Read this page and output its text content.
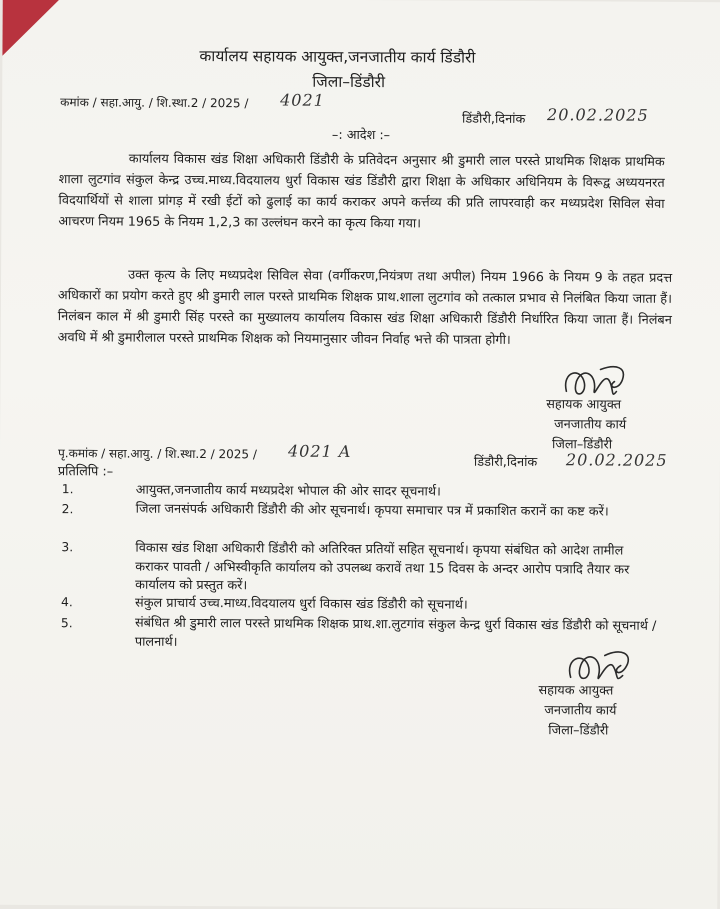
कार्यालय सहायक आयुक्त,जनजातीय कार्य डिंडौरी
जिला–डिंडौरी
कमांक / सहा.आयु. / शि.स्था.2 / 2025 / 4021
डिंडौरी,दिनांक 20.02.2025
–: आदेश :–
कार्यालय विकास खंड शिक्षा अधिकारी डिंडौरी के प्रतिवेदन अनुसार श्री डुमारी लाल परस्ते प्राथमिक शिक्षक प्राथमिक शाला लुटगांव संकुल केन्द्र उच्च.माध्य.विदयालय धुर्रा विकास खंड डिंडौरी द्वारा शिक्षा के अधिकार अधिनियम के विरूद्व अध्ययनरत विदयार्थियों से शाला प्रांगड़ में रखी ईटों को ढुलाई का कार्य कराकर अपने कर्त्तव्य की प्रति लापरवाही कर मध्यप्रदेश सिविल सेवा आचरण नियम 1965 के नियम 1,2,3 का उल्लंघन करने का कृत्य किया गया।
उक्त कृत्य के लिए मध्यप्रदेश सिविल सेवा (वर्गीकरण,नियंत्रण तथा अपील) नियम 1966 के नियम 9 के तहत प्रदत्त अधिकारों का प्रयोग करते हुए श्री डुमारी लाल परस्ते प्राथमिक शिक्षक प्राथ.शाला लुटगांव को तत्काल प्रभाव से निलंबित किया जाता हैं। निलंबन काल में श्री डुमारी सिंह परस्ते का मुख्यालय कार्यालय विकास खंड शिक्षा अधिकारी डिंडौरी निर्धारित किया जाता हैं। निलंबन अवधि में श्री डुमारीलाल परस्ते प्राथमिक शिक्षक को नियमानुसार जीवन निर्वाह भत्ते की पात्रता होगी।
सहायक आयुक्त
जनजातीय कार्य
जिला–डिंडौरी
पृ.कमांक / सहा.आयु. / शि.स्था.2 / 2025 / 4021 A
डिंडौरी,दिनांक 20.02.2025
प्रतिलिपि :–
1.	आयुक्त,जनजातीय कार्य मध्यप्रदेश भोपाल की ओर सादर सूचनार्थ।
2.	जिला जनसंपर्क अधिकारी डिंडौरी की ओर सूचनार्थ। कृपया समाचार पत्र में प्रकाशित करानें का कष्ट करें।
3.	विकास खंड शिक्षा अधिकारी डिंडौरी को अतिरिक्त प्रतियों सहित सूचनार्थ। कृपया संबंधित को आदेश तामील कराकर पावती / अभिस्वीकृति कार्यालय को उपलब्ध करावें तथा 15 दिवस के अन्दर आरोप पत्रादि तैयार कर कार्यालय को प्रस्तुत करें।
4.	संकुल प्राचार्य उच्च.माध्य.विदयालय धुर्रा विकास खंड डिंडौरी को सूचनार्थ।
5.	संबंधित श्री डुमारी लाल परस्ते प्राथमिक शिक्षक प्राथ.शा.लुटगांव संकुल केन्द्र धुर्रा विकास खंड डिंडौरी को सूचनार्थ / पालनार्थ।
सहायक आयुक्त
जनजातीय कार्य
जिला–डिंडौरी
